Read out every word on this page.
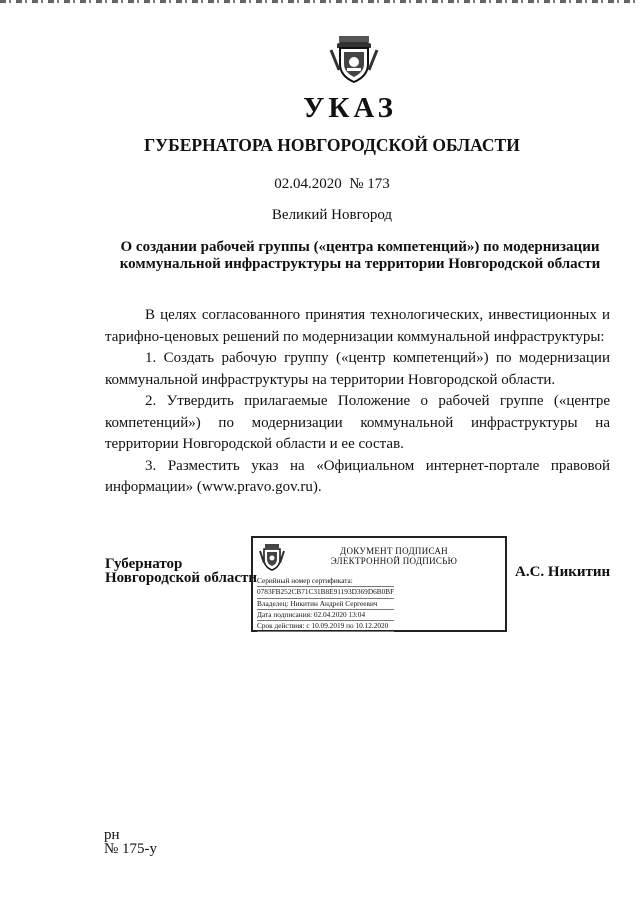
УКАЗ
ГУБЕРНАТОРА НОВГОРОДСКОЙ ОБЛАСТИ
02.04.2020 № 173
Великий Новгород
О создании рабочей группы («центра компетенций») по модернизации
коммунальной инфраструктуры на территории Новгородской области

В целях согласованного принятия технологических, инвестиционных и тарифно-ценовых решений по модернизации коммунальной инфраструктуры:

1. Создать рабочую группу («центр компетенций») по модернизации коммунальной инфраструктуры на территории Новгородской области.

2. Утвердить прилагаемые Положение о рабочей группе («центре компетенций») по модернизации коммунальной инфраструктуры на территории Новгородской области и ее состав.

3. Разместить указ на «Официальном интернет-портале правовой информации» (www.pravo.gov.ru).

Губернатор
Новгородской области
ДОКУМЕНТ ПОДПИСАН
ЭЛЕКТРОННОЙ ПОДПИСЬЮ
Серийный номер сертификата:
0783FB252CB71C31B8E91193D369D6B0BF
Владелец: Никитин Андрей Сергеевич
Дата подписания: 02.04.2020 13:04
Срок действия: с 10.09.2019 по 10.12.2020
А.С. Никитин
рн
№ 175-у
